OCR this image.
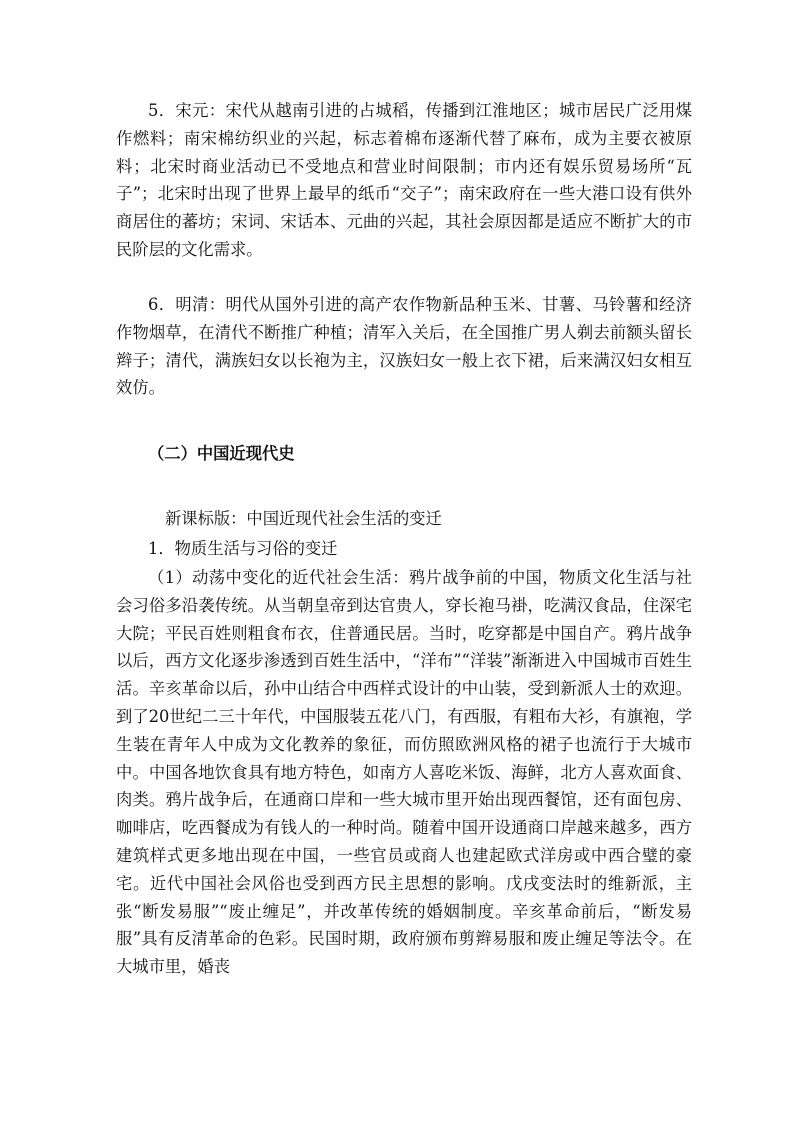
5．宋元：宋代从越南引进的占城稻，传播到江淮地区；城市居民广泛用煤作燃料；南宋棉纺织业的兴起，标志着棉布逐渐代替了麻布，成为主要衣被原料；北宋时商业活动已不受地点和营业时间限制；市内还有娱乐贸易场所“瓦子”；北宋时出现了世界上最早的纸币“交子”；南宋政府在一些大港口设有供外商居住的蕃坊；宋词、宋话本、元曲的兴起，其社会原因都是适应不断扩大的市民阶层的文化需求。

6．明清：明代从国外引进的高产农作物新品种玉米、甘薯、马铃薯和经济作物烟草，在清代不断推广种植；清军入关后，在全国推广男人剃去前额头留长辫子；清代，满族妇女以长袍为主，汉族妇女一般上衣下裙，后来满汉妇女相互效仿。

（二）中国近现代史

新课标版：中国近现代社会生活的变迁

1．物质生活与习俗的变迁

（1）动荡中变化的近代社会生活：鸦片战争前的中国，物质文化生活与社会习俗多沿袭传统。从当朝皇帝到达官贵人，穿长袍马褂，吃满汉食品，住深宅大院；平民百姓则粗食布衣，住普通民居。当时，吃穿都是中国自产。鸦片战争以后，西方文化逐步渗透到百姓生活中，“洋布”“洋装”渐渐进入中国城市百姓生活。辛亥革命以后，孙中山结合中西样式设计的中山装，受到新派人士的欢迎。到了20世纪二三十年代，中国服装五花八门，有西服，有粗布大衫，有旗袍，学生装在青年人中成为文化教养的象征，而仿照欧洲风格的裙子也流行于大城市中。中国各地饮食具有地方特色，如南方人喜吃米饭、海鲜，北方人喜欢面食、肉类。鸦片战争后，在通商口岸和一些大城市里开始出现西餐馆，还有面包房、咖啡店，吃西餐成为有钱人的一种时尚。随着中国开设通商口岸越来越多，西方建筑样式更多地出现在中国，一些官员或商人也建起欧式洋房或中西合璧的豪宅。近代中国社会风俗也受到西方民主思想的影响。戊戌变法时的维新派，主张“断发易服”“废止缠足”，并改革传统的婚姻制度。辛亥革命前后，“断发易服”具有反清革命的色彩。民国时期，政府颁布剪辫易服和废止缠足等法令。在大城市里，婚丧
